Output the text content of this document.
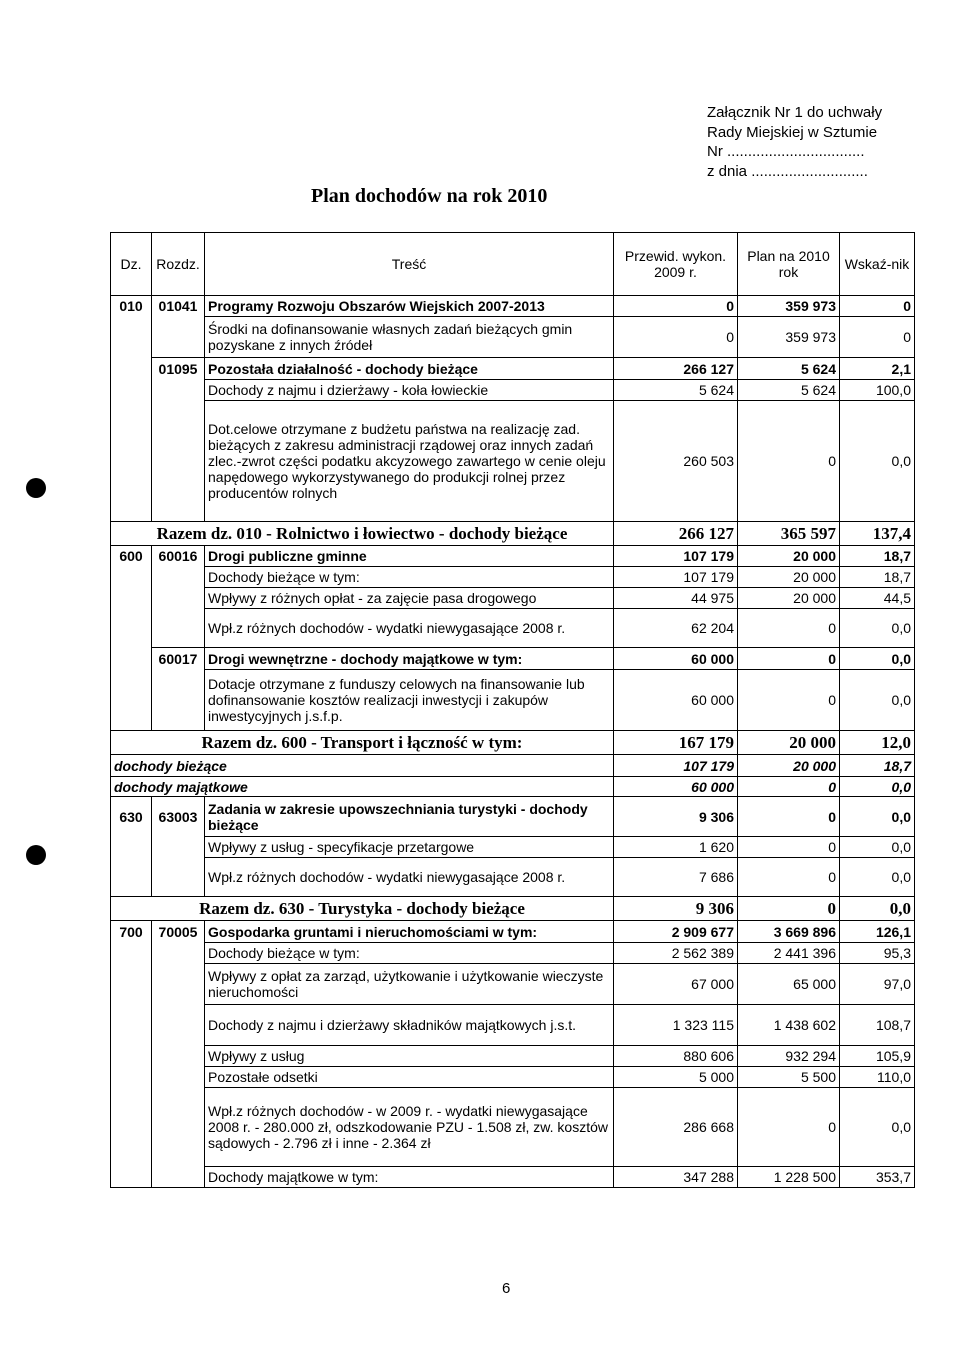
Załącznik Nr 1 do uchwały
Rady Miejskiej w Sztumie
Nr .................................
z dnia ............................
Plan dochodów na rok 2010
Dz.	Rozdz.	Treść	Przewid. wykon. 2009 r.	Plan na 2010 rok	Wskaź-nik
010	01041	Programy Rozwoju Obszarów Wiejskich 2007-2013	0	359 973	0
		Środki na dofinansowanie własnych zadań bieżących gmin pozyskane z innych źródeł	0	359 973	0
	01095	Pozostała działalność - dochody bieżące	266 127	5 624	2,1
		Dochody z najmu i dzierżawy - koła łowieckie	5 624	5 624	100,0
		Dot.celowe otrzymane z budżetu państwa na realizację zad. bieżących z zakresu administracji rządowej oraz innych zadań zlec.-zwrot części podatku akcyzowego zawartego w cenie oleju napędowego wykorzystywanego do produkcji rolnej przez producentów rolnych	260 503	0	0,0
Razem dz. 010 - Rolnictwo i łowiectwo - dochody bieżące			266 127	365 597	137,4
600	60016	Drogi publiczne gminne	107 179	20 000	18,7
		Dochody bieżące w tym:	107 179	20 000	18,7
		Wpływy z różnych opłat - za zajęcie pasa drogowego	44 975	20 000	44,5
		Wpł.z różnych dochodów - wydatki niewygasające 2008 r.	62 204	0	0,0
	60017	Drogi wewnętrzne - dochody majątkowe w tym:	60 000	0	0,0
		Dotacje otrzymane z funduszy celowych na finansowanie lub dofinansowanie kosztów realizacji inwestycji i zakupów inwestycyjnych j.s.f.p.	60 000	0	0,0
Razem dz. 600 - Transport i łączność w tym:			167 179	20 000	12,0
dochody bieżące			107 179	20 000	18,7
dochody majątkowe			60 000	0	0,0
630	63003	Zadania w zakresie upowszechniania turystyki - dochody bieżące	9 306	0	0,0
		Wpływy z usług - specyfikacje przetargowe	1 620	0	0,0
		Wpł.z różnych dochodów - wydatki niewygasające 2008 r.	7 686	0	0,0
Razem dz. 630 - Turystyka - dochody bieżące			9 306	0	0,0
700	70005	Gospodarka gruntami i nieruchomościami w tym:	2 909 677	3 669 896	126,1
		Dochody bieżące w tym:	2 562 389	2 441 396	95,3
		Wpływy z opłat za zarząd, użytkowanie i użytkowanie wieczyste nieruchomości	67 000	65 000	97,0
		Dochody z najmu i dzierżawy składników majątkowych j.s.t.	1 323 115	1 438 602	108,7
		Wpływy z usług	880 606	932 294	105,9
		Pozostałe odsetki	5 000	5 500	110,0
		Wpł.z różnych dochodów - w 2009 r. - wydatki niewygasające 2008 r. - 280.000 zł, odszkodowanie PZU - 1.508 zł, zw. kosztów sądowych - 2.796 zł i inne - 2.364 zł	286 668	0	0,0
		Dochody majątkowe w tym:	347 288	1 228 500	353,7
6
